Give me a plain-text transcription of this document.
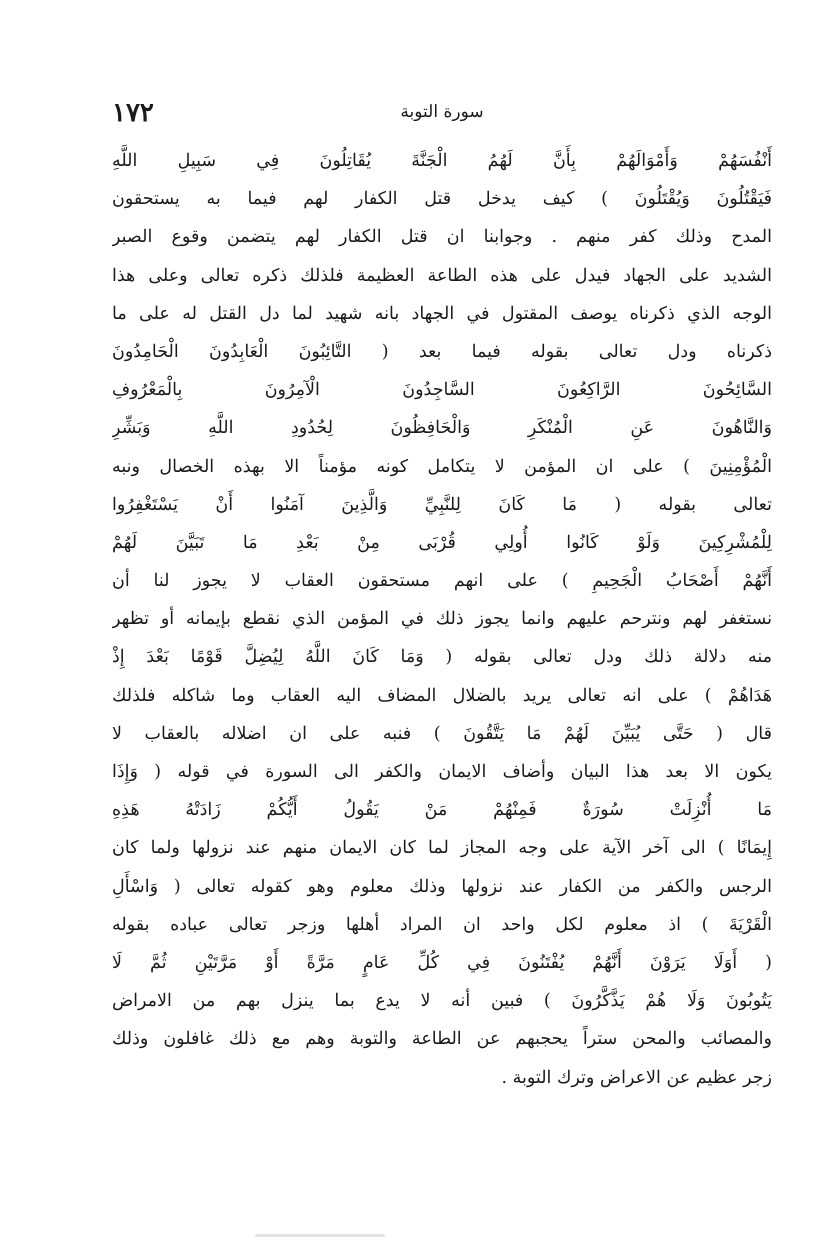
١٧٢	سورة التوبة
أَنْفُسَهُمْ وَأَمْوَالَهُمْ بِأَنَّ لَهُمُ الْجَنَّةَ يُقَاتِلُونَ فِي سَبِيلِ اللَّهِ
فَيَقْتُلُونَ وَيُقْتَلُونَ ) كيف يدخل قتل الكفار لهم فيما به يستحقون
المدح وذلك كفر منهم . وجوابنا ان قتل الكفار لهم يتضمن وقوع الصبر
الشديد على الجهاد فيدل على هذه الطاعة العظيمة فلذلك ذكره تعالى وعلى هذا
الوجه الذي ذكرناه يوصف المقتول في الجهاد بانه شهيد لما دل القتل له على ما
ذكرناه ودل تعالى بقوله فيما بعد ( التَّائِبُونَ الْعَابِدُونَ الْحَامِدُونَ
السَّائِحُونَ الرَّاكِعُونَ السَّاجِدُونَ الْآمِرُونَ بِالْمَعْرُوفِ
وَالنَّاهُونَ عَنِ الْمُنْكَرِ وَالْحَافِظُونَ لِحُدُودِ اللَّهِ وَبَشِّرِ
الْمُؤْمِنِينَ ) على ان المؤمن لا يتكامل كونه مؤمناً الا بهذه الخصال ونبه
تعالى بقوله ( مَا كَانَ لِلنَّبِيِّ وَالَّذِينَ آمَنُوا أَنْ يَسْتَغْفِرُوا
لِلْمُشْرِكِينَ وَلَوْ كَانُوا أُولِي قُرْبَى مِنْ بَعْدِ مَا تَبَيَّنَ لَهُمْ
أَنَّهُمْ أَصْحَابُ الْجَحِيمِ ) على انهم مستحقون العقاب لا يجوز لنا أن
نستغفر لهم ونترحم عليهم وانما يجوز ذلك في المؤمن الذي نقطع بإيمانه أو تظهر
منه دلالة ذلك ودل تعالى بقوله ( وَمَا كَانَ اللَّهُ لِيُضِلَّ قَوْمًا بَعْدَ إِذْ
هَدَاهُمْ ) على انه تعالى يريد بالضلال المضاف اليه العقاب وما شاكله فلذلك
قال ( حَتَّى يُبَيِّنَ لَهُمْ مَا يَتَّقُونَ ) فنبه على ان اضلاله بالعقاب لا
يكون الا بعد هذا البيان وأضاف الايمان والكفر الى السورة في قوله ( وَإِذَا
مَا أُنْزِلَتْ سُورَةٌ فَمِنْهُمْ مَنْ يَقُولُ أَيُّكُمْ زَادَتْهُ هَذِهِ
إِيمَانًا ) الى آخر الآية على وجه المجاز لما كان الايمان منهم عند نزولها ولما كان
الرجس والكفر من الكفار عند نزولها وذلك معلوم وهو كقوله تعالى ( وَاسْأَلِ
الْقَرْيَةَ ) اذ معلوم لكل واحد ان المراد أهلها وزجر تعالى عباده بقوله
( أَوَلَا يَرَوْنَ أَنَّهُمْ يُفْتَنُونَ فِي كُلِّ عَامٍ مَرَّةً أَوْ مَرَّتَيْنِ ثُمَّ لَا
يَتُوبُونَ وَلَا هُمْ يَذَّكَّرُونَ ) فبين أنه لا يدع بما ينزل بهم من الامراض
والمصائب والمحن ستراً يحجبهم عن الطاعة والتوبة وهم مع ذلك غافلون وذلك
زجر عظيم عن الاعراض وترك التوبة .
